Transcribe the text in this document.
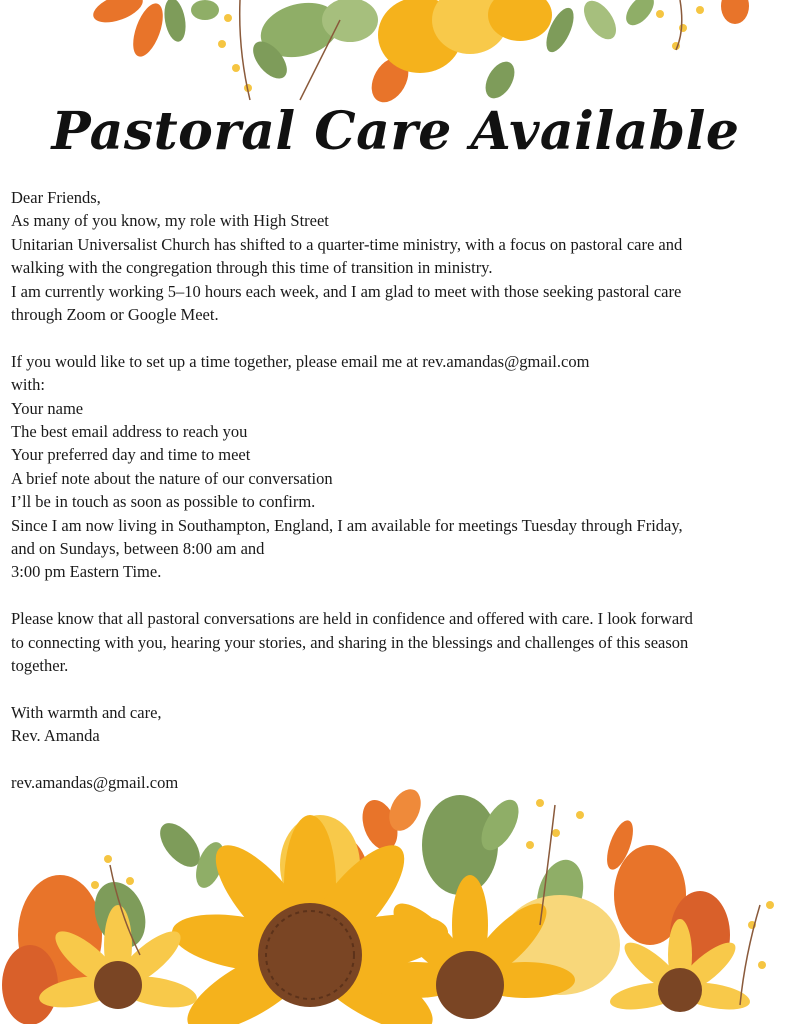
Pastoral Care Available

Dear Friends,

As many of you know, my role with High Street

Unitarian Universalist Church has shifted to a quarter-time ministry, with a focus on pastoral care and

walking with the congregation through this time of transition in ministry.

I am currently working 5–10 hours each week, and I am glad to meet with those seeking pastoral care

through Zoom or Google Meet.

If you would like to set up a time together, please email me at rev.amandas@gmail.com

with:

Your name

The best email address to reach you

Your preferred day and time to meet

A brief note about the nature of our conversation

I’ll be in touch as soon as possible to confirm.

Since I am now living in Southampton, England, I am available for meetings Tuesday through Friday,

and on Sundays, between 8:00 am and

3:00 pm Eastern Time.

Please know that all pastoral conversations are held in confidence and offered with care. I look forward

to connecting with you, hearing your stories, and sharing in the blessings and challenges of this season

together.

With warmth and care,

Rev. Amanda

rev.amandas@gmail.com
